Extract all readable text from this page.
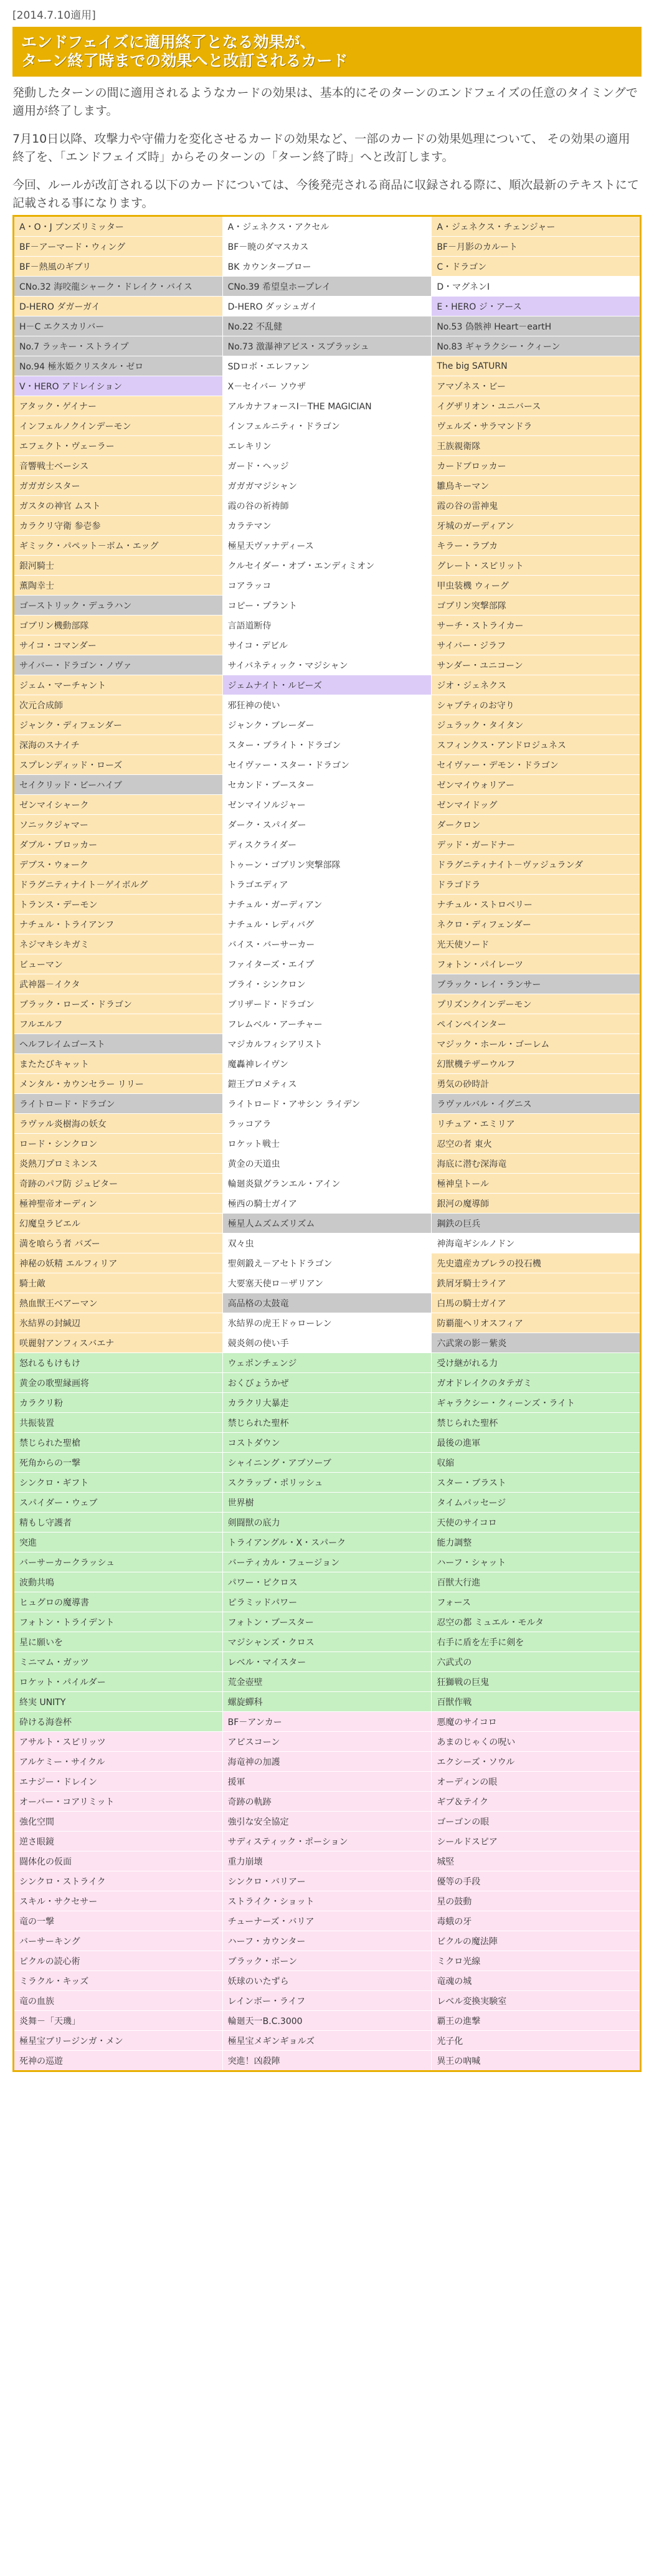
[2014.7.10適用]
エンドフェイズに適用終了となる効果が、
ターン終了時までの効果へと改訂されるカード

発動したターンの間に適用されるようなカードの効果は、基本的にそのターンのエンドフェイズの任意のタイミングで適用が終了します。

7月10日以降、攻撃力や守備力を変化させるカードの効果など、一部のカードの効果処理について、 その効果の適用終了を、「エンドフェイズ時」からそのターンの「ターン終了時」へと改訂します。

今回、ルールが改訂される以下のカードについては、今後発売される商品に収録される際に、順次最新のテキストにて記載される事になります。

A・O・J ブンズリミッター	A・ジェネクス・アクセル	A・ジェネクス・チェンジャー
BF－アーマード・ウィング	BF－暁のダマスカス	BF－月影のカルート
BF－熱風のギブリ	BK カウンターブロー	C・ドラゴン
CNo.32 海咬龍シャーク・ドレイク・バイス	CNo.39 希望皇ホープレイ	D・マグネンI
D-HERO ダガーガイ	D-HERO ダッシュガイ	E・HERO ジ・アース
H－C エクスカリバー	No.22 不乱健	No.53 偽骸神 Heart－eartH
No.7 ラッキー・ストライプ	No.73 激瀑神アビス・スプラッシュ	No.83 ギャラクシー・クィーン
No.94 極氷姫クリスタル・ゼロ	SDロボ・エレファン	The big SATURN
V・HERO アドレイション	X－セイバー ソウザ	アマゾネス・ビー
アタック・ゲイナー	アルカナフォースⅠ－THE MAGICIAN	イグザリオン・ユニバース
インフェルノクインデーモン	インフェルニティ・ドラゴン	ヴェルズ・サラマンドラ
エフェクト・ヴェーラー	エレキリン	王族親衛隊
音響戦士ベーシス	ガード・ヘッジ	カードブロッカー
ガガガシスター	ガガガマジシャン	雛鳥キーマン
ガスタの神官 ムスト	霞の谷の祈祷師	霞の谷の雷神鬼
カラクリ守衛 参壱参	カラテマン	牙城のガーディアン
ギミック・パペット－ボム・エッグ	極星天ヴァナディース	キラー・ラブカ
銀河騎士	クルセイダー・オブ・エンディミオン	グレート・スピリット
薫陶幸士	コアラッコ	甲虫装機 ウィーグ
ゴーストリック・デュラハン	コピー・プラント	ゴブリン突撃部隊
ゴブリン機動部隊	言語道断侍	サーチ・ストライカー
サイコ・コマンダー	サイコ・デビル	サイバー・ジラフ
サイバー・ドラゴン・ノヴァ	サイバネティック・マジシャン	サンダー・ユニコーン
ジェム・マーチャント	ジェムナイト・ルビーズ	ジオ・ジェネクス
次元合成師	邪狂神の使い	シャブティのお守り
ジャンク・ディフェンダー	ジャンク・ブレーダー	ジュラック・タイタン
深海のスナイチ	スター・ブライト・ドラゴン	スフィンクス・アンドロジュネス
スプレンディッド・ローズ	セイヴァー・スター・ドラゴン	セイヴァー・デモン・ドラゴン
セイクリッド・ビーハイブ	セカンド・ブースター	ゼンマイウォリアー
ゼンマイシャーク	ゼンマイソルジャー	ゼンマイドッグ
ソニックジャマー	ダーク・スパイダー	ダークロン
ダブル・ブロッカー	ディスクライダー	デッド・ガードナー
デブス・ウォーク	トゥーン・ゴブリン突撃部隊	ドラグニティナイト－ヴァジュランダ
ドラグニティナイト－ゲイボルグ	トラゴエディア	ドラゴドラ
トランス・デーモン	ナチュル・ガーディアン	ナチュル・ストロベリー
ナチュル・トライアンフ	ナチュル・レディバグ	ネクロ・ディフェンダー
ネジマキシキガミ	バイス・バーサーカー	光天使ソード
ビューマン	ファイターズ・エイプ	フォトン・パイレーツ
武神器－イクタ	ブライ・シンクロン	ブラック・レイ・ランサー
ブラック・ローズ・ドラゴン	ブリザード・ドラゴン	プリズンクインデーモン
フルエルフ	フレムベル・アーチャー	ペインペインター
ヘルフレイムゴースト	マジカルフィシアリスト	マジック・ホール・ゴーレム
またたびキャット	魔轟神レイヴン	幻獣機テザーウルフ
メンタル・カウンセラー リリー	鎧王プロメティス	勇気の砂時計
ライトロード・ドラゴン	ライトロード・アサシン ライデン	ラヴァルバル・イグニス
ラヴァル炎樹海の妖女	ラッコアラ	リチュア・エミリア
ロード・シンクロン	ロケット戦士	忍空の者 東火
炎熱刀プロミネンス	黄金の天道虫	海底に潜む深海竜
奇跡のパフ防 ジュピター	輪廻炎獄グランエル・アイン	極神皇トール
極神聖帝オーディン	極西の騎士ガイア	銀河の魔導師
幻魔皇ラビエル	極星人ムズムズリズム	鋼鉄の巨兵
満を喰らう者 バズー	双々虫	神海竜ギシルノドン
神秘の妖精 エルフィリア	聖剣鍛え－アセトドラゴン	先史遺産カブレラの投石機
騎士敵	大要塞天使ロ－ザリアン	鉄屑牙騎士ライア
熱血獣王ベアーマン	高品格の太鼓竜	白馬の騎士ガイア
氷結界の封緘辺	氷結界の虎王ドゥローレン	防覇龍ヘリオスフィア
咲麗射アンフィスバエナ	競炎剣の使い手	六武衆の影－紫炎
怒れるもけもけ	ウェポンチェンジ	受け継がれる力
黄金の歌聖縁画将	おくびょうかぜ	ガオドレイクのタテガミ
カラクリ粉	カラクリ大暴走	ギャラクシー・クィーンズ・ライト
共振装置	禁じられた聖杯	禁じられた聖杯
禁じられた聖槍	コストダウン	最後の進軍
死角からの一撃	シャイニング・アブソーブ	収縮
シンクロ・ギフト	スクラップ・ポリッシュ	スター・ブラスト
スパイダー・ウェブ	世界樹	タイムパッセージ
精もし守護者	剣闘獣の底力	天使のサイコロ
突進	トライアングル・X・スパーク	能力調整
バーサーカークラッシュ	バーティカル・フュージョン	ハーフ・シャット
波動共鳴	パワー・ピクロス	百獣大行進
ヒュグロの魔導書	ピラミッドパワー	フォース
フォトン・トライデント	フォトン・ブースター	忍空の都 ミュエル・モルタ
星に願いを	マジシャンズ・クロス	右手に盾を左手に剣を
ミニマム・ガッツ	レベル・マイスター	六武式の
ロケット・パイルダー	荒金壺壁	狂獅戦の巨鬼
終実 UNITY	螺旋蟬科	百獣作戦
砕ける海巻杯	BF－アンカー	悪魔のサイコロ
アサルト・スピリッツ	アピスコーン	あまのじゃくの呪い
アルケミー・サイクル	海竜神の加護	エクシーズ・ソウル
エナジー・ドレイン	援軍	オーディンの眼
オーバー・コアリミット	奇跡の軌跡	ギブ＆テイク
強化空間	強引な安全協定	ゴーゴンの眼
逆さ眼鏡	サディスティック・ポーション	シールドスピア
闘体化の仮面	重力崩壊	城堅
シンクロ・ストライク	シンクロ・バリアー	優等の手段
スキル・サクセサー	ストライク・ショット	星の鼓動
竜の一撃	チューナーズ・バリア	毒蛾の牙
バーサーキング	ハーフ・カウンター	ビクルの魔法陣
ピクルの読心術	ブラック・ボーン	ミクロ光線
ミラクル・キッズ	妖球のいたずら	竜魂の城
竜の血族	レインボー・ライフ	レベル変換実験室
炎舞－「天璣」	輪廻天一B.C.3000	覇王の進撃
極星宝ブリージンガ・メン	極星宝メギンギョルズ	光子化
死神の巡遊	突進！凶殺陣	異王の吶喊
